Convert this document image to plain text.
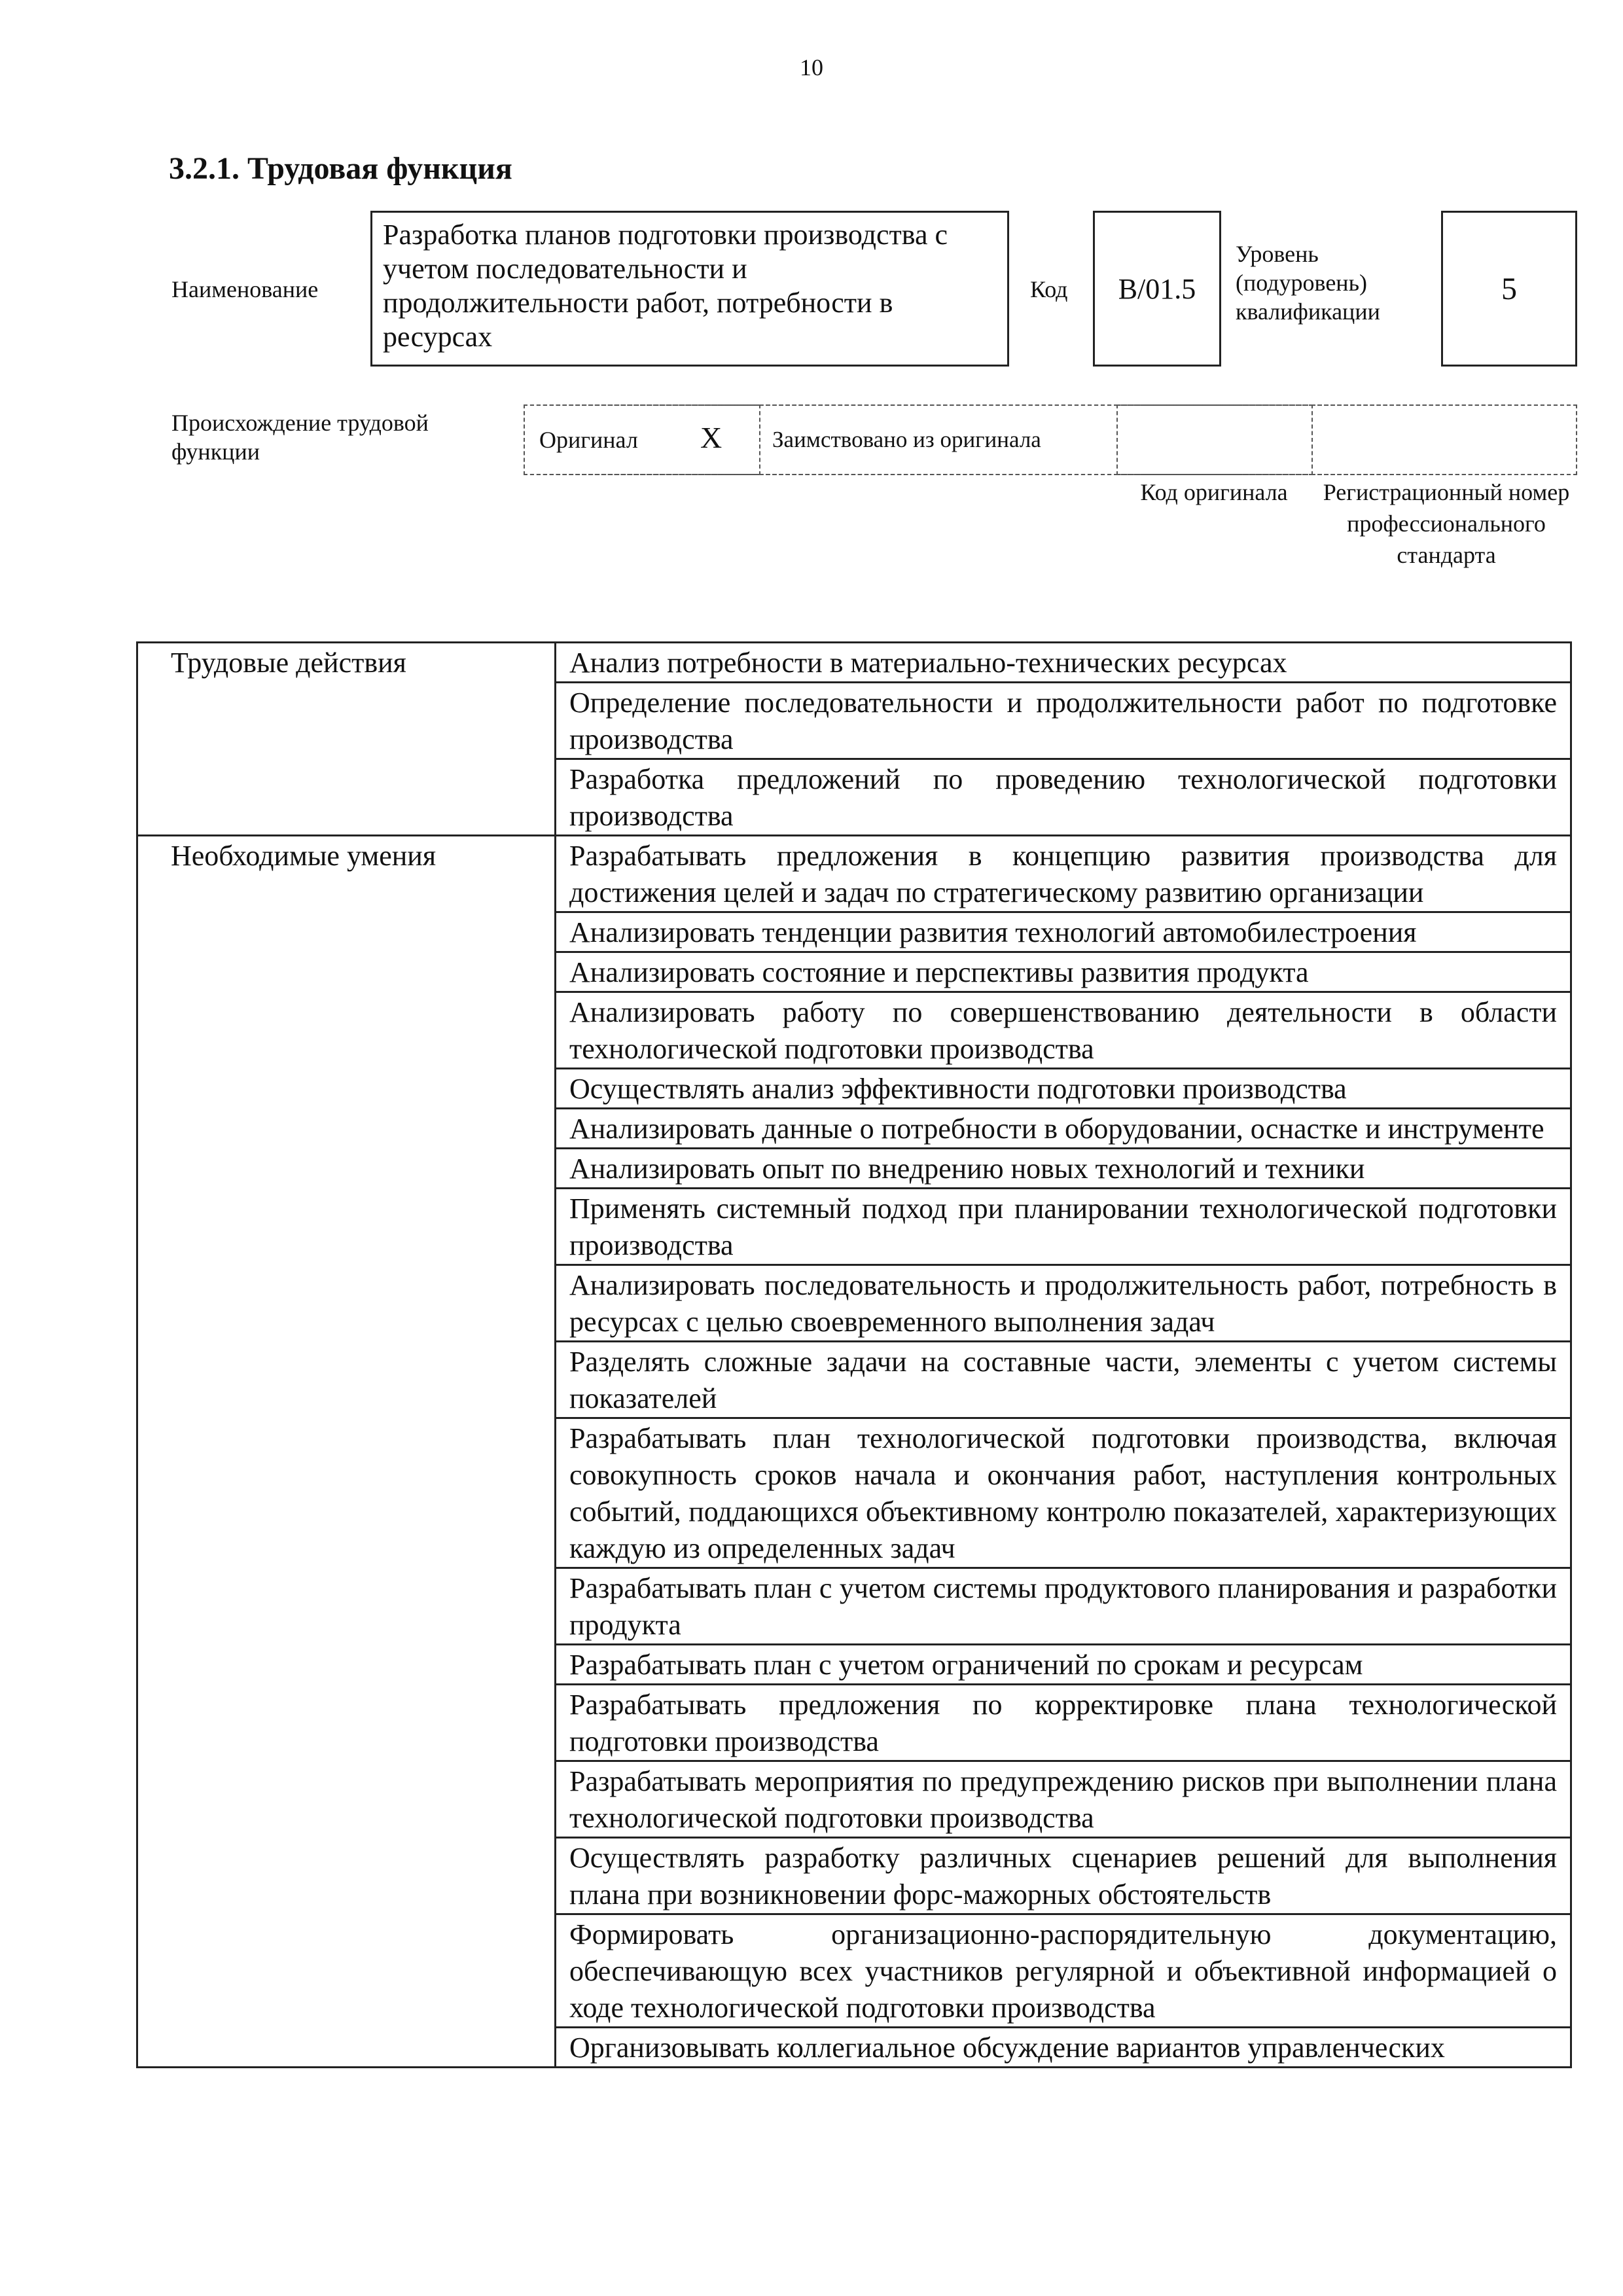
10
3.2.1. Трудовая функция
Наименование
Разработка планов подготовки производства с учетом последовательности и продолжительности работ, потребности в ресурсах
Код B/01.5
Уровень (подуровень) квалификации
5
Происхождение трудовой функции	Оригинал X Заимствовано из оригинала
Код оригинала	Регистрационный номер профессионального стандарта
Трудовые действия	Анализ потребности в материально-технических ресурсах
	Определение последовательности и продолжительности работ по подготовке производства
	Разработка предложений по проведению технологической подготовки производства
Необходимые умения	Разрабатывать предложения в концепцию развития производства для достижения целей и задач по стратегическому развитию организации
	Анализировать тенденции развития технологий автомобилестроения
	Анализировать состояние и перспективы развития продукта
	Анализировать работу по совершенствованию деятельности в области технологической подготовки производства
	Осуществлять анализ эффективности подготовки производства
	Анализировать данные о потребности в оборудовании, оснастке и инструменте
	Анализировать опыт по внедрению новых технологий и техники
	Применять системный подход при планировании технологической подготовки производства
	Анализировать последовательность и продолжительность работ, потребность в ресурсах с целью своевременного выполнения задач
	Разделять сложные задачи на составные части, элементы с учетом системы показателей
	Разрабатывать план технологической подготовки производства, включая совокупность сроков начала и окончания работ, наступления контрольных событий, поддающихся объективному контролю показателей, характеризующих каждую из определенных задач
	Разрабатывать план с учетом системы продуктового планирования и разработки продукта
	Разрабатывать план с учетом ограничений по срокам и ресурсам
	Разрабатывать предложения по корректировке плана технологической подготовки производства
	Разрабатывать мероприятия по предупреждению рисков при выполнении плана технологической подготовки производства
	Осуществлять разработку различных сценариев решений для выполнения плана при возникновении форс-мажорных обстоятельств
	Формировать организационно-распорядительную документацию, обеспечивающую всех участников регулярной и объективной информацией о ходе технологической подготовки производства
	Организовывать коллегиальное обсуждение вариантов управленческих
